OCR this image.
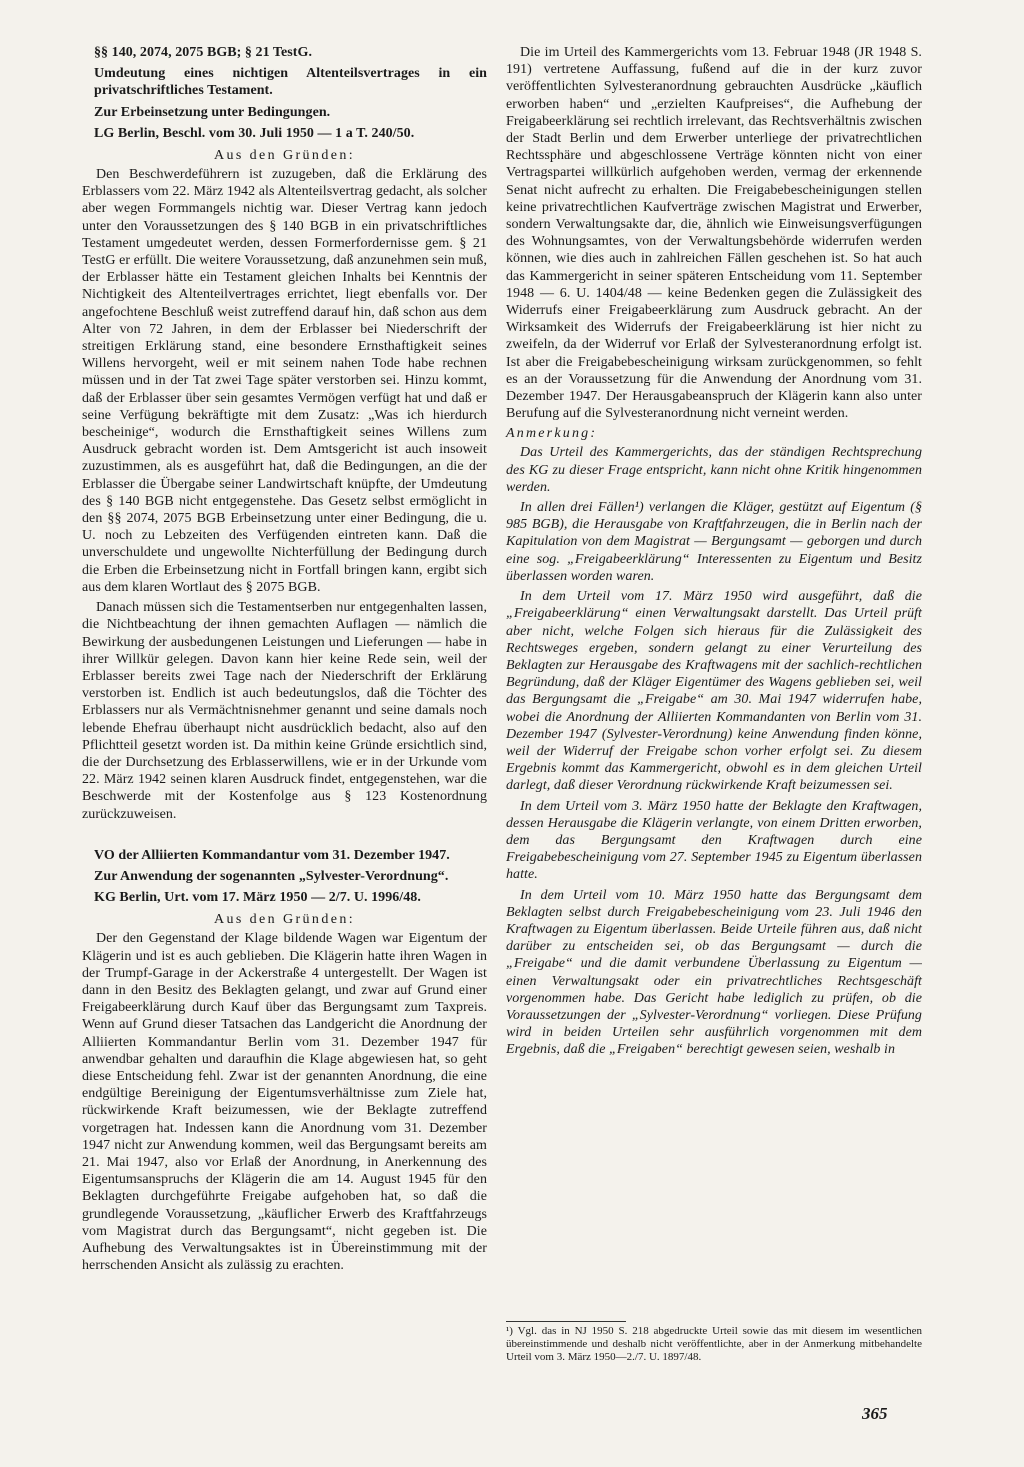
§§ 140, 2074, 2075 BGB; § 21 TestG.

Umdeutung eines nichtigen Altenteilsvertrages in ein privatschriftliches Testament.

Zur Erbeinsetzung unter Bedingungen.

LG Berlin, Beschl. vom 30. Juli 1950 — 1 a T. 240/50.

Aus den Gründen:

Den Beschwerdeführern ist zuzugeben, daß die Erklärung des Erblassers vom 22. März 1942 als Altenteilsvertrag gedacht, als solcher aber wegen Formmangels nichtig war. Dieser Vertrag kann jedoch unter den Voraussetzungen des § 140 BGB in ein privatschriftliches Testament umgedeutet werden, dessen Formerfordernisse gem. § 21 TestG er erfüllt. Die weitere Voraussetzung, daß anzunehmen sein muß, der Erblasser hätte ein Testament gleichen Inhalts bei Kenntnis der Nichtigkeit des Altenteilvertrages errichtet, liegt ebenfalls vor. Der angefochtene Beschluß weist zutreffend darauf hin, daß schon aus dem Alter von 72 Jahren, in dem der Erblasser bei Niederschrift der streitigen Erklärung stand, eine besondere Ernsthaftigkeit seines Willens hervorgeht, weil er mit seinem nahen Tode habe rechnen müssen und in der Tat zwei Tage später verstorben sei. Hinzu kommt, daß der Erblasser über sein gesamtes Vermögen verfügt hat und daß er seine Verfügung bekräftigte mit dem Zusatz: „Was ich hierdurch bescheinige“, wodurch die Ernsthaftigkeit seines Willens zum Ausdruck gebracht worden ist. Dem Amtsgericht ist auch insoweit zuzustimmen, als es ausgeführt hat, daß die Bedingungen, an die der Erblasser die Übergabe seiner Landwirtschaft knüpfte, der Umdeutung des § 140 BGB nicht entgegenstehe. Das Gesetz selbst ermöglicht in den §§ 2074, 2075 BGB Erbeinsetzung unter einer Bedingung, die u. U. noch zu Lebzeiten des Verfügenden eintreten kann. Daß die unverschuldete und ungewollte Nichterfüllung der Bedingung durch die Erben die Erbeinsetzung nicht in Fortfall bringen kann, ergibt sich aus dem klaren Wortlaut des § 2075 BGB.

Danach müssen sich die Testamentserben nur entgegenhalten lassen, die Nichtbeachtung der ihnen gemachten Auflagen — nämlich die Bewirkung der ausbedungenen Leistungen und Lieferungen — habe in ihrer Willkür gelegen. Davon kann hier keine Rede sein, weil der Erblasser bereits zwei Tage nach der Niederschrift der Erklärung verstorben ist. Endlich ist auch bedeutungslos, daß die Töchter des Erblassers nur als Vermächtnisnehmer genannt und seine damals noch lebende Ehefrau überhaupt nicht ausdrücklich bedacht, also auf den Pflichtteil gesetzt worden ist. Da mithin keine Gründe ersichtlich sind, die der Durchsetzung des Erblasserwillens, wie er in der Urkunde vom 22. März 1942 seinen klaren Ausdruck findet, entgegenstehen, war die Beschwerde mit der Kostenfolge aus § 123 Kostenordnung zurückzuweisen.

VO der Alliierten Kommandantur vom 31. Dezember 1947.

Zur Anwendung der sogenannten „Sylvester-Verordnung“.

KG Berlin, Urt. vom 17. März 1950 — 2/7. U. 1996/48.

Aus den Gründen:

Der den Gegenstand der Klage bildende Wagen war Eigentum der Klägerin und ist es auch geblieben. Die Klägerin hatte ihren Wagen in der Trumpf-Garage in der Ackerstraße 4 untergestellt. Der Wagen ist dann in den Besitz des Beklagten gelangt, und zwar auf Grund einer Freigabeerklärung durch Kauf über das Bergungsamt zum Taxpreis. Wenn auf Grund dieser Tatsachen das Landgericht die Anordnung der Alliierten Kommandantur Berlin vom 31. Dezember 1947 für anwendbar gehalten und daraufhin die Klage abgewiesen hat, so geht diese Entscheidung fehl. Zwar ist der genannten Anordnung, die eine endgültige Bereinigung der Eigentumsverhältnisse zum Ziele hat, rückwirkende Kraft beizumessen, wie der Beklagte zutreffend vorgetragen hat. Indessen kann die Anordnung vom 31. Dezember 1947 nicht zur Anwendung kommen, weil das Bergungsamt bereits am 21. Mai 1947, also vor Erlaß der Anordnung, in Anerkennung des Eigentumsanspruchs der Klägerin die am 14. August 1945 für den Beklagten durchgeführte Freigabe aufgehoben hat, so daß die grundlegende Voraussetzung, „käuflicher Erwerb des Kraftfahrzeugs vom Magistrat durch das Bergungsamt“, nicht gegeben ist. Die Aufhebung des Verwaltungsaktes ist in Übereinstimmung mit der herrschenden Ansicht als zulässig zu erachten.

Die im Urteil des Kammergerichts vom 13. Februar 1948 (JR 1948 S. 191) vertretene Auffassung, fußend auf die in der kurz zuvor veröffentlichten Sylvesteranordnung gebrauchten Ausdrücke „käuflich erworben haben“ und „erzielten Kaufpreises“, die Aufhebung der Freigabeerklärung sei rechtlich irrelevant, das Rechtsverhältnis zwischen der Stadt Berlin und dem Erwerber unterliege der privatrechtlichen Rechtssphäre und abgeschlossene Verträge könnten nicht von einer Vertragspartei willkürlich aufgehoben werden, vermag der erkennende Senat nicht aufrecht zu erhalten. Die Freigabebescheinigungen stellen keine privatrechtlichen Kaufverträge zwischen Magistrat und Erwerber, sondern Verwaltungsakte dar, die, ähnlich wie Einweisungsverfügungen des Wohnungsamtes, von der Verwaltungsbehörde widerrufen werden können, wie dies auch in zahlreichen Fällen geschehen ist. So hat auch das Kammergericht in seiner späteren Entscheidung vom 11. September 1948 — 6. U. 1404/48 — keine Bedenken gegen die Zulässigkeit des Widerrufs einer Freigabeerklärung zum Ausdruck gebracht. An der Wirksamkeit des Widerrufs der Freigabeerklärung ist hier nicht zu zweifeln, da der Widerruf vor Erlaß der Sylvesteranordnung erfolgt ist. Ist aber die Freigabebescheinigung wirksam zurückgenommen, so fehlt es an der Voraussetzung für die Anwendung der Anordnung vom 31. Dezember 1947. Der Herausgabeanspruch der Klägerin kann also unter Berufung auf die Sylvesteranordnung nicht verneint werden.

Anmerkung:

Das Urteil des Kammergerichts, das der ständigen Rechtsprechung des KG zu dieser Frage entspricht, kann nicht ohne Kritik hingenommen werden.

In allen drei Fällen¹) verlangen die Kläger, gestützt auf Eigentum (§ 985 BGB), die Herausgabe von Kraftfahrzeugen, die in Berlin nach der Kapitulation von dem Magistrat — Bergungsamt — geborgen und durch eine sog. „Freigabeerklärung“ Interessenten zu Eigentum und Besitz überlassen worden waren.

In dem Urteil vom 17. März 1950 wird ausgeführt, daß die „Freigabeerklärung“ einen Verwaltungsakt darstellt. Das Urteil prüft aber nicht, welche Folgen sich hieraus für die Zulässigkeit des Rechtsweges ergeben, sondern gelangt zu einer Verurteilung des Beklagten zur Herausgabe des Kraftwagens mit der sachlich-rechtlichen Begründung, daß der Kläger Eigentümer des Wagens geblieben sei, weil das Bergungsamt die „Freigabe“ am 30. Mai 1947 widerrufen habe, wobei die Anordnung der Alliierten Kommandanten von Berlin vom 31. Dezember 1947 (Sylvester-Verordnung) keine Anwendung finden könne, weil der Widerruf der Freigabe schon vorher erfolgt sei. Zu diesem Ergebnis kommt das Kammergericht, obwohl es in dem gleichen Urteil darlegt, daß dieser Verordnung rückwirkende Kraft beizumessen sei.

In dem Urteil vom 3. März 1950 hatte der Beklagte den Kraftwagen, dessen Herausgabe die Klägerin verlangte, von einem Dritten erworben, dem das Bergungsamt den Kraftwagen durch eine Freigabebescheinigung vom 27. September 1945 zu Eigentum überlassen hatte.

In dem Urteil vom 10. März 1950 hatte das Bergungsamt dem Beklagten selbst durch Freigabebescheinigung vom 23. Juli 1946 den Kraftwagen zu Eigentum überlassen. Beide Urteile führen aus, daß nicht darüber zu entscheiden sei, ob das Bergungsamt — durch die „Freigabe“ und die damit verbundene Überlassung zu Eigentum — einen Verwaltungsakt oder ein privatrechtliches Rechtsgeschäft vorgenommen habe. Das Gericht habe lediglich zu prüfen, ob die Voraussetzungen der „Sylvester-Verordnung“ vorliegen. Diese Prüfung wird in beiden Urteilen sehr ausführlich vorgenommen mit dem Ergebnis, daß die „Freigaben“ berechtigt gewesen seien, weshalb in

¹) Vgl. das in NJ 1950 S. 218 abgedruckte Urteil sowie das mit diesem im wesentlichen übereinstimmende und deshalb nicht veröffentlichte, aber in der Anmerkung mitbehandelte Urteil vom 3. März 1950—2./7. U. 1897/48.

365
